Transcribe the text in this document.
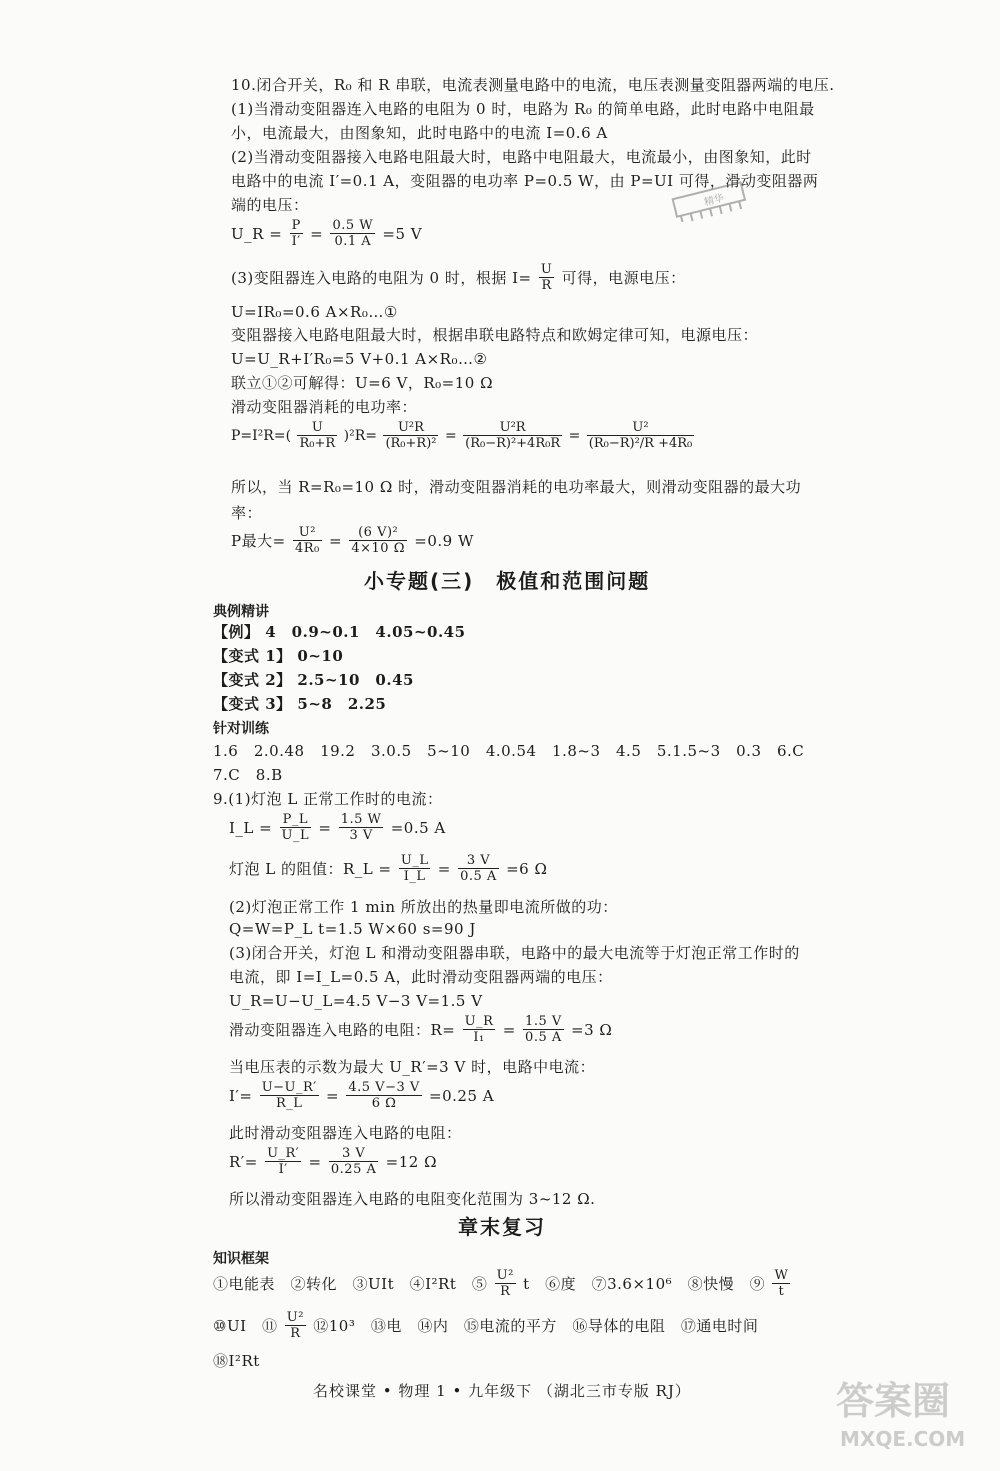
10.闭合开关，R₀ 和 R 串联，电流表测量电路中的电流，电压表测量变阻器两端的电压.
(1)当滑动变阻器连入电路的电阻为 0 时，电路为 R₀ 的简单电路，此时电路中电阻最
小，电流最大，由图象知，此时电路中的电流 I=0.6 A
(2)当滑动变阻器接入电路电阻最大时，电路中电阻最大，电流最小，由图象知，此时
电路中的电流 I′=0.1 A，变阻器的电功率 P=0.5 W，由 P=UI 可得，滑动变阻器两
端的电压：
U_R = $\frac{P}{I'} = \frac{0.5 W}{0.1 A} =5$ V
(3)变阻器连入电路的电阻为 0 时，根据 $I= \frac{U}{R}$ 可得，电源电压：
U=IR₀=0.6 A×R₀…①
变阻器接入电路电阻最大时，根据串联电路特点和欧姆定律可知，电源电压：
U=U_R+I′R₀=5 V+0.1 A×R₀…②
联立①②可解得：U=6 V，R₀=10 Ω
滑动变阻器消耗的电功率：
$P=I^2R=( \frac{U}{\text{R₀+R}} )^2R= \frac{\text{U²R}}{\text{(R₀+R)²}} = \frac{\text{U²R}}{\text{(R₀−R)²+4R₀R}} = \frac{\text{U²}}{\text{(R₀−R)²/R +4R₀}}$
所以，当 R=R₀=10 Ω 时，滑动变阻器消耗的电功率最大，则滑动变阻器的最大功
率：
P最大= $\frac{\text{U²}}{\text{4R₀}} = \frac{\text{(6 V)²}}{4\times 10 \Omega} =0.9$ W
精华
小专题(三)　极值和范围问题
典例精讲
【例】 4　0.9~0.1　4.05~0.45
【变式 1】 0~10
【变式 2】 2.5~10　0.45
【变式 3】 5~8　2.25
针对训练
1.6　2.0.48　19.2　3.0.5　5~10　4.0.54　1.8~3　4.5　5.1.5~3　0.3　6.C
7.C　8.B
9.(1)灯泡 L 正常工作时的电流：
I_L = $\frac{P\_L}{U\_L} = \frac{1.5 W}{3 V} =0.5$ A
灯泡 L 的阻值：R_L = $\frac{U\_L}{I\_L} = \frac{3 V}{0.5 A} =6$ Ω
(2)灯泡正常工作 1 min 所放出的热量即电流所做的功：
Q=W=P_L t=1.5 W×60 s=90 J
(3)闭合开关，灯泡 L 和滑动变阻器串联，电路中的最大电流等于灯泡正常工作时的
电流，即 I=I_L=0.5 A，此时滑动变阻器两端的电压：
U_R=U−U_L=4.5 V−3 V=1.5 V
滑动变阻器连入电路的电阻：$R= \frac{U\_R}{\text{I₁}} = \frac{1.5 V}{0.5 A} =3$ Ω
当电压表的示数为最大 U_R′=3 V 时，电路中电流：
$I'= \frac{U-U\_R'}{R\_L} = \frac{4.5 V-3 V}{6 \Omega} =0.25$ A
此时滑动变阻器连入电路的电阻：
$R'= \frac{U\_R'}{I'} = \frac{3 V}{0.25 A} =12$ Ω
所以滑动变阻器连入电路的电阻变化范围为 3~12 Ω.
章末复习
知识框架
①电能表　②转化　③UIt　④I²Rt　⑤ $\frac{\text{U²}}{R}$ t　⑥度　⑦3.6×10⁶　⑧快慢　⑨ $\frac{W}{t}$
⑩UI　⑪ $\frac{\text{U²}}{R}$ ⑫10³　⑬电　⑭内　⑮电流的平方　⑯导体的电阻　⑰通电时间
⑱I²Rt
名校课堂 • 物理 1 • 九年级下 （湖北三市专版 RJ）	答案圈
MXQE.COM
